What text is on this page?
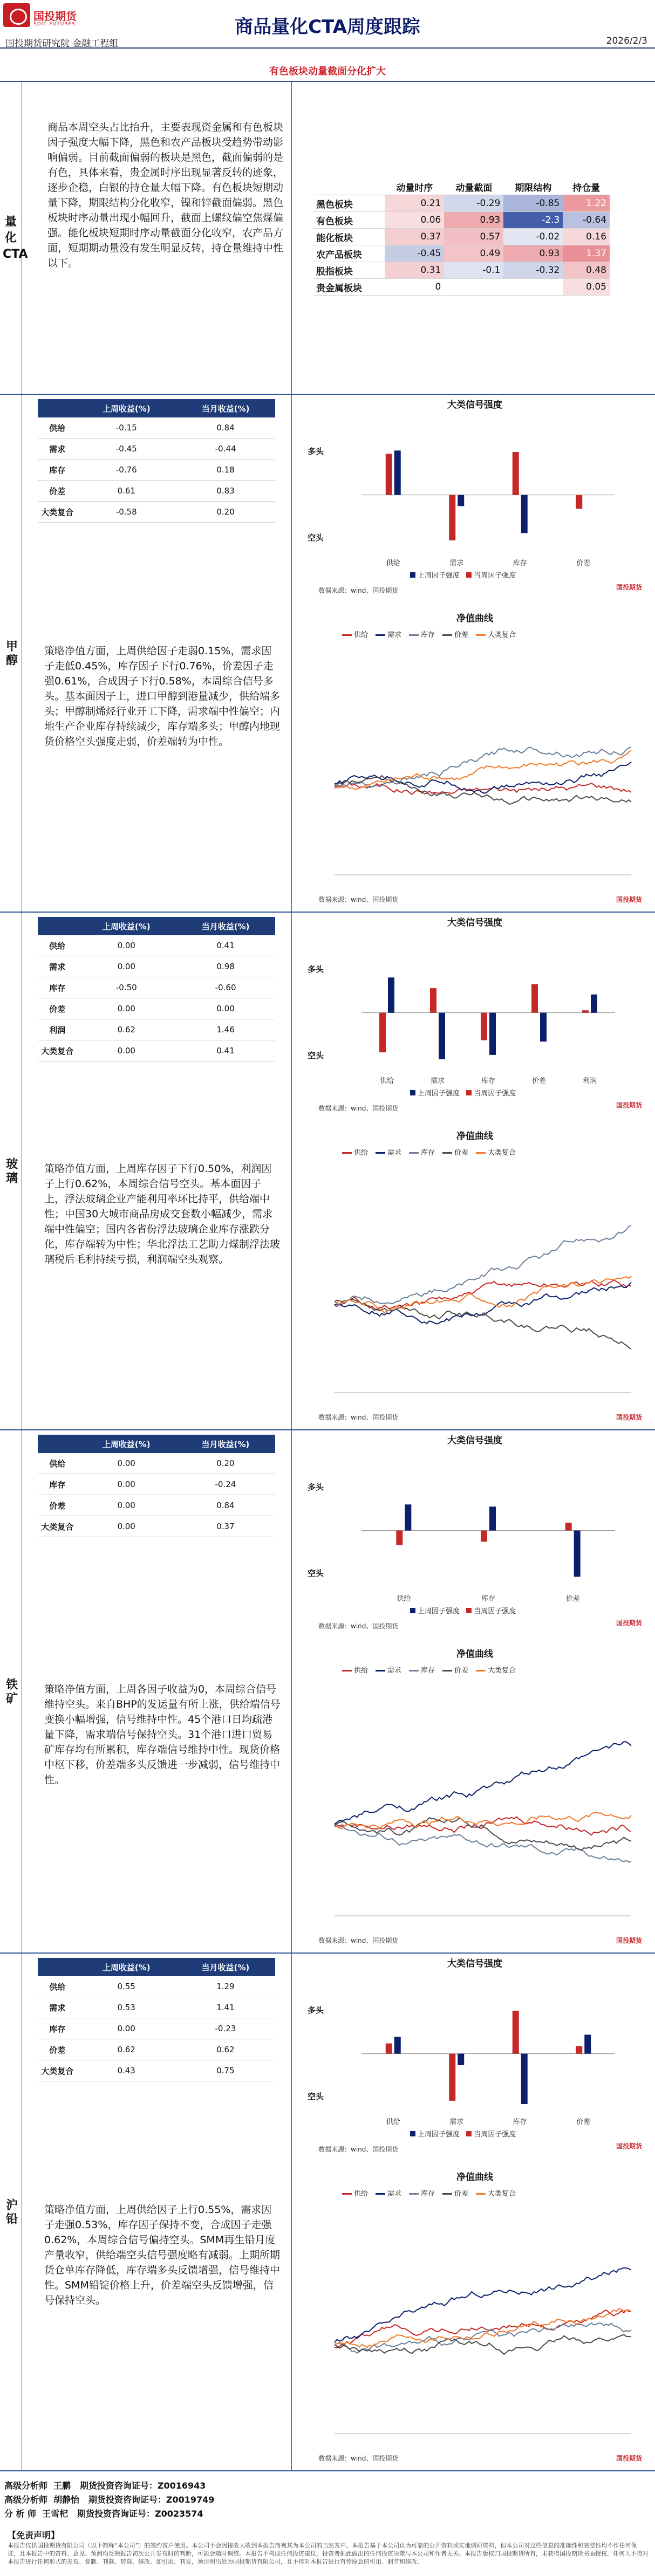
国投期货
SDIC FUTURES	商品量化CTA周度跟踪
国投期货研究院 金融工程组	2026/2/3
有色板块动量截面分化扩大
量化CTA
商品本周空头占比抬升，主要表现资金属和有色板块因子强度大幅下降，黑色和农产品板块受趋势带动影响偏弱。目前截面偏弱的板块是黑色，截面偏弱的是有色，具体来看，贵金属时序出现显著反转的迹象，逐步企稳，白银的持仓量大幅下降。有色板块短期动量下降，期限结构分化收窄，镍和锌截面偏弱。黑色板块时序动量出现小幅回升，截面上螺纹偏空焦煤偏强。能化板块短期时序动量截面分化收窄，农产品方面，短期期动量没有发生明显反转，持仓量维持中性以下。
	动量时序	动量截面	期限结构	持仓量
黑色板块	0.21	-0.29	-0.85	1.22
有色板块	0.06	0.93	-2.3	-0.64
能化板块	0.37	0.57	-0.02	0.16
农产品板块	-0.45	0.49	0.93	1.37
股指板块	0.31	-0.1	-0.32	0.48
贵金属板块	0			0.05
甲醇
	上周收益(%)	当月收益(%)
供给	-0.15	0.84
需求	-0.45	-0.44
库存	-0.76	0.18
价差	0.61	0.83
大类复合	-0.58	0.20
策略净值方面，上周供给因子走弱0.15%，需求因子走低0.45%，库存因子下行0.76%，价差因子走强0.61%，合成因子下行0.58%，本周综合信号多头。基本面因子上，进口甲醇到港量减少，供给端多头；甲醇制烯烃行业开工下降，需求端中性偏空；内地生产企业库存持续减少，库存端多头；甲醇内地现货价格空头强度走弱，价差端转为中性。
大类信号强度
多头
空头
上周因子强度 当周因子强度
数据来源：wind、国投期货	国投期货
供给	需求	库存	价差
净值曲线
供给	需求	库存	价差	大类复合
数据来源：wind、国投期货	国投期货
玻璃
	上周收益(%)	当月收益(%)
供给	0.00	0.41
需求	0.00	0.98
库存	-0.50	-0.60
价差	0.00	0.00
利润	0.62	1.46
大类复合	0.00	0.41
策略净值方面，上周库存因子下行0.50%，利润因子上行0.62%，本周综合信号空头。基本面因子上，浮法玻璃企业产能利用率环比持平，供给端中性；中国30大城市商品房成交套数小幅减少，需求端中性偏空；国内各省份浮法玻璃企业库存涨跌分化，库存端转为中性；华北浮法工艺助力煤制浮法玻璃税后毛利持续亏损，利润端空头观察。
大类信号强度
多头
空头
上周因子强度 当周因子强度
数据来源：wind、国投期货	国投期货
供给	需求	库存	价差	利润
净值曲线
供给	需求	库存	价差	大类复合
数据来源：wind、国投期货	国投期货
铁矿
	上周收益(%)	当月收益(%)
供给	0.00	0.20
库存	0.00	-0.24
价差	0.00	0.84
大类复合	0.00	0.37
策略净值方面，上周各因子收益为0，本周综合信号维持空头。来自BHP的发运量有所上涨，供给端信号变换小幅增强，信号维持中性。45个港口日均疏港量下降，需求端信号保持空头。31个港口进口贸易矿库存均有所累积，库存端信号维持中性。现货价格中枢下移，价差端多头反馈进一步减弱，信号维持中性。
大类信号强度
多头
空头
上周因子强度 当周因子强度
数据来源：wind、国投期货	国投期货
供给	库存	价差
净值曲线
供给	需求	库存	价差	大类复合
数据来源：wind、国投期货	国投期货
沪铅
	上周收益(%)	当月收益(%)
供给	0.55	1.29
需求	0.53	1.41
库存	0.00	-0.23
价差	0.62	0.62
大类复合	0.43	0.75
策略净值方面，上周供给因子上行0.55%，需求因子走强0.53%，库存因子保持不变，合成因子走强0.62%，本周综合信号偏持空头。SMM再生铅月度产量收窄，供给端空头信号强度略有减弱。上期所期货仓单库存降低，库存端多头反馈增强，信号维持中性。SMM铅锭价格上升，价差端空头反馈增强，信号保持空头。
大类信号强度
多头
空头
上周因子强度 当周因子强度
数据来源：wind、国投期货	国投期货
供给	需求	库存	价差
净值曲线
供给	需求	库存	价差	大类复合
数据来源：wind、国投期货	国投期货
高级分析师 王鹏 期货投资咨询证号：Z0016943
高级分析师 胡静怡 期货投资咨询证号：Z0019749
分 析 师 王雪杞 期货投资咨询证号：Z0023574
【免责声明】
本报告仅供国投期货有限公司（以下简称“本公司”）的签约客户使用。本公司不会因接收人收到本报告而视其为本公司的当然客户。本报告基于本公司认为可靠的公开资料或实地调研资料，但本公司对这些信息的准确性和完整性均不作任何保证，且本报告中的资料、意见、预测均反映报告初次公开发布时的判断，可能会随时调整。本报告不构成任何投资建议，投资者据此做出的任何投资决策与本公司和作者无关。本报告版权归国投期货所有，未获得国投期货书面授权，任何人不得对本报告进行任何形式的发布、复制、刊载、转载、修改。如引用、刊发，须注明出处为国投期货有限公司，且不得对本报告进行有悖原意的引用、删节和修改。
